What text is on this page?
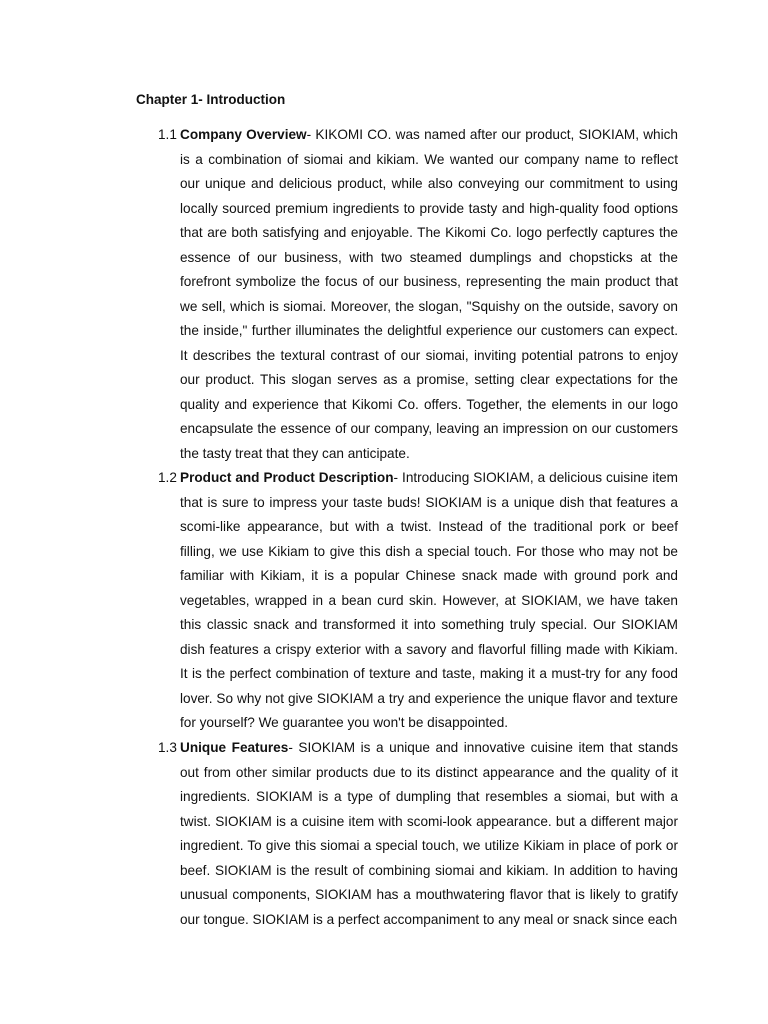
Chapter 1- Introduction
1.1 Company Overview- KIKOMI CO. was named after our product, SIOKIAM, which is a combination of siomai and kikiam. We wanted our company name to reflect our unique and delicious product, while also conveying our commitment to using locally sourced premium ingredients to provide tasty and high-quality food options that are both satisfying and enjoyable. The Kikomi Co. logo perfectly captures the essence of our business, with two steamed dumplings and chopsticks at the forefront symbolize the focus of our business, representing the main product that we sell, which is siomai. Moreover, the slogan, "Squishy on the outside, savory on the inside," further illuminates the delightful experience our customers can expect. It describes the textural contrast of our siomai, inviting potential patrons to enjoy our product. This slogan serves as a promise, setting clear expectations for the quality and experience that Kikomi Co. offers. Together, the elements in our logo encapsulate the essence of our company, leaving an impression on our customers the tasty treat that they can anticipate.
1.2 Product and Product Description- Introducing SIOKIAM, a delicious cuisine item that is sure to impress your taste buds! SIOKIAM is a unique dish that features a scomi-like appearance, but with a twist. Instead of the traditional pork or beef filling, we use Kikiam to give this dish a special touch. For those who may not be familiar with Kikiam, it is a popular Chinese snack made with ground pork and vegetables, wrapped in a bean curd skin. However, at SIOKIAM, we have taken this classic snack and transformed it into something truly special. Our SIOKIAM dish features a crispy exterior with a savory and flavorful filling made with Kikiam. It is the perfect combination of texture and taste, making it a must-try for any food lover. So why not give SIOKIAM a try and experience the unique flavor and texture for yourself? We guarantee you won't be disappointed.
1.3 Unique Features- SIOKIAM is a unique and innovative cuisine item that stands out from other similar products due to its distinct appearance and the quality of it ingredients. SIOKIAM is a type of dumpling that resembles a siomai, but with a twist. SIOKIAM is a cuisine item with scomi-look appearance. but a different major ingredient. To give this siomai a special touch, we utilize Kikiam in place of pork or beef. SIOKIAM is the result of combining siomai and kikiam. In addition to having unusual components, SIOKIAM has a mouthwatering flavor that is likely to gratify our tongue. SIOKIAM is a perfect accompaniment to any meal or snack since each
